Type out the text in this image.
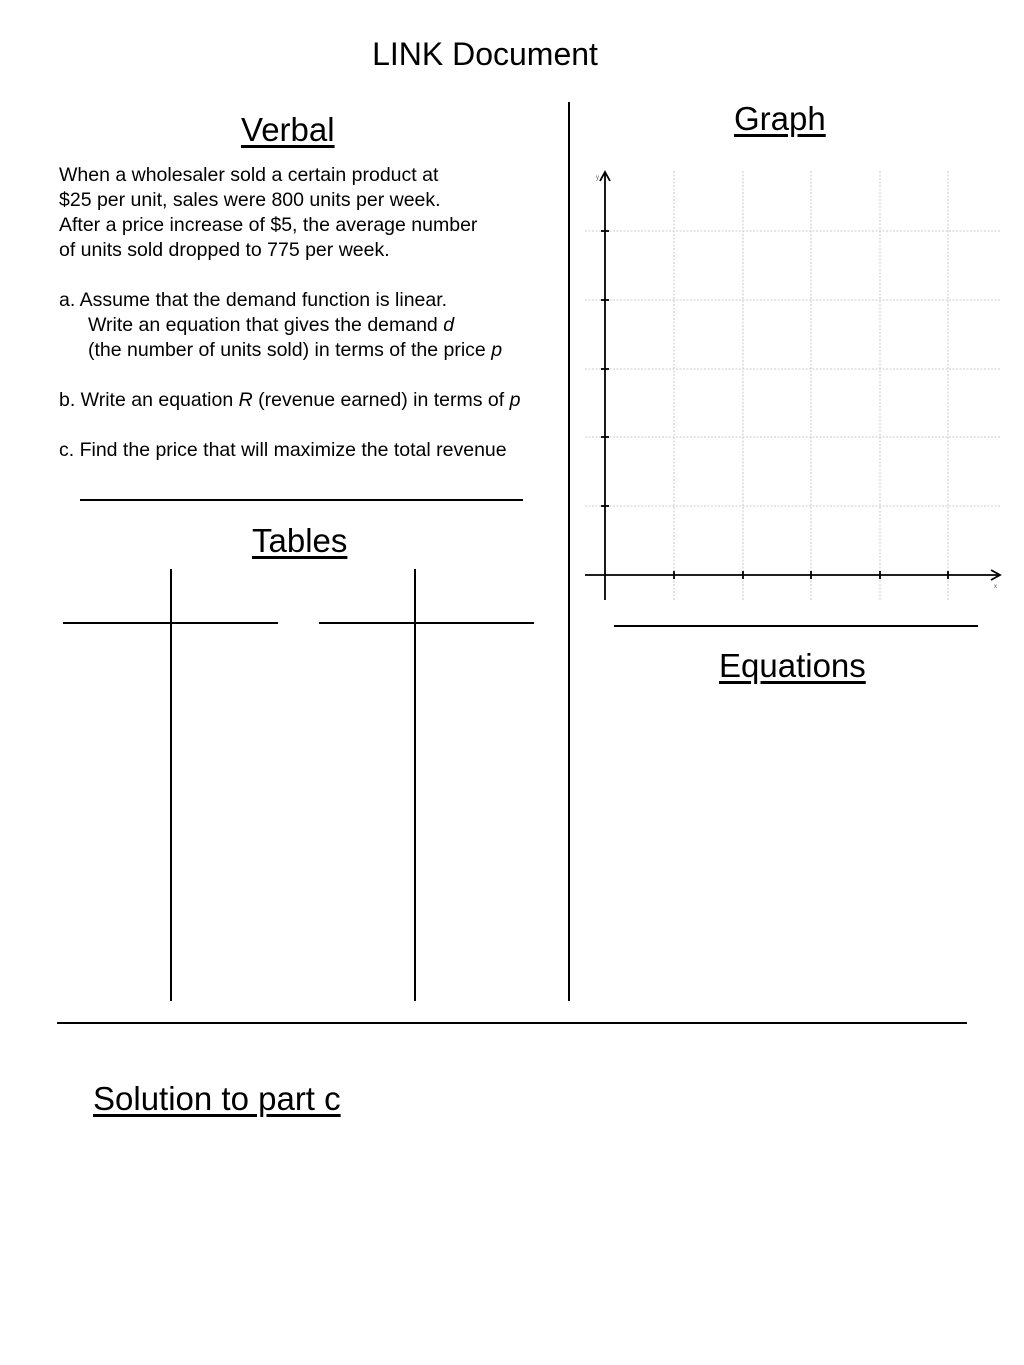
LINK Document
Verbal	Graph
Tables
Equations
Solution to part c

When a wholesaler sold a certain product at

$25 per unit, sales were 800 units per week.

After a price increase of $5, the average number

of units sold dropped to 775 per week.

a. Assume that the demand function is linear.

Write an equation that gives the demand d

(the number of units sold) in terms of the price p

b. Write an equation R (revenue earned) in terms of p

c. Find the price that will maximize the total revenue

y
x
